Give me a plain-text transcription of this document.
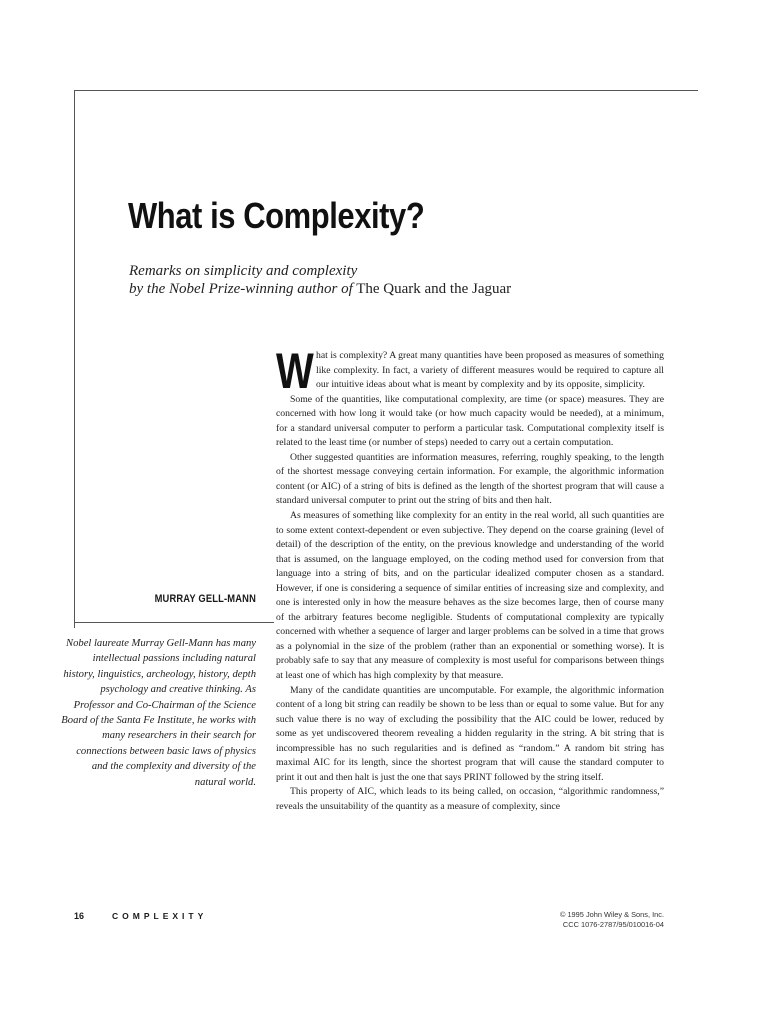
What is Complexity?

Remarks on simplicity and complexity
by the Nobel Prize-winning author of The Quark and the Jaguar

MURRAY GELL-MANN

Nobel laureate Murray Gell-Mann has many intellectual passions including natural history, linguistics, archeology, history, depth psychology and creative thinking. As Professor and Co-Chairman of the Science Board of the Santa Fe Institute, he works with many researchers in their search for connections between basic laws of physics and the complexity and diversity of the natural world.

W hat is complexity? A great many quantities have been proposed as measures of something like complexity. In fact, a variety of different measures would be required to capture all our intuitive ideas about what is meant by complexity and by its opposite, simplicity.

Some of the quantities, like computational complexity, are time (or space) measures. They are concerned with how long it would take (or how much capacity would be needed), at a minimum, for a standard universal computer to perform a particular task. Computational complexity itself is related to the least time (or number of steps) needed to carry out a certain computation.

Other suggested quantities are information measures, referring, roughly speaking, to the length of the shortest message conveying certain information. For example, the algorithmic information content (or AIC) of a string of bits is defined as the length of the shortest program that will cause a standard universal computer to print out the string of bits and then halt.

As measures of something like complexity for an entity in the real world, all such quantities are to some extent context-dependent or even subjective. They depend on the coarse graining (level of detail) of the description of the entity, on the previous knowledge and understanding of the world that is assumed, on the language employed, on the coding method used for conversion from that language into a string of bits, and on the particular idealized computer chosen as a standard. However, if one is considering a sequence of similar entities of increasing size and complexity, and one is interested only in how the measure behaves as the size becomes large, then of course many of the arbitrary features become negligible. Students of computational complexity are typically concerned with whether a sequence of larger and larger problems can be solved in a time that grows as a polynomial in the size of the problem (rather than an exponential or something worse). It is probably safe to say that any measure of complexity is most useful for comparisons between things at least one of which has high complexity by that measure.

Many of the candidate quantities are uncomputable. For example, the algorithmic information content of a long bit string can readily be shown to be less than or equal to some value. But for any such value there is no way of excluding the possibility that the AIC could be lower, reduced by some as yet undiscovered theorem revealing a hidden regularity in the string. A bit string that is incompressible has no such regularities and is defined as “random.” A random bit string has maximal AIC for its length, since the shortest program that will cause the standard computer to print it out and then halt is just the one that says PRINT followed by the string itself.

This property of AIC, which leads to its being called, on occasion, “algorithmic randomness,” reveals the unsuitability of the quantity as a measure of complexity, since

16	COMPLEXITY	© 1995 John Wiley & Sons, Inc.
CCC 1076-2787/95/010016-04
